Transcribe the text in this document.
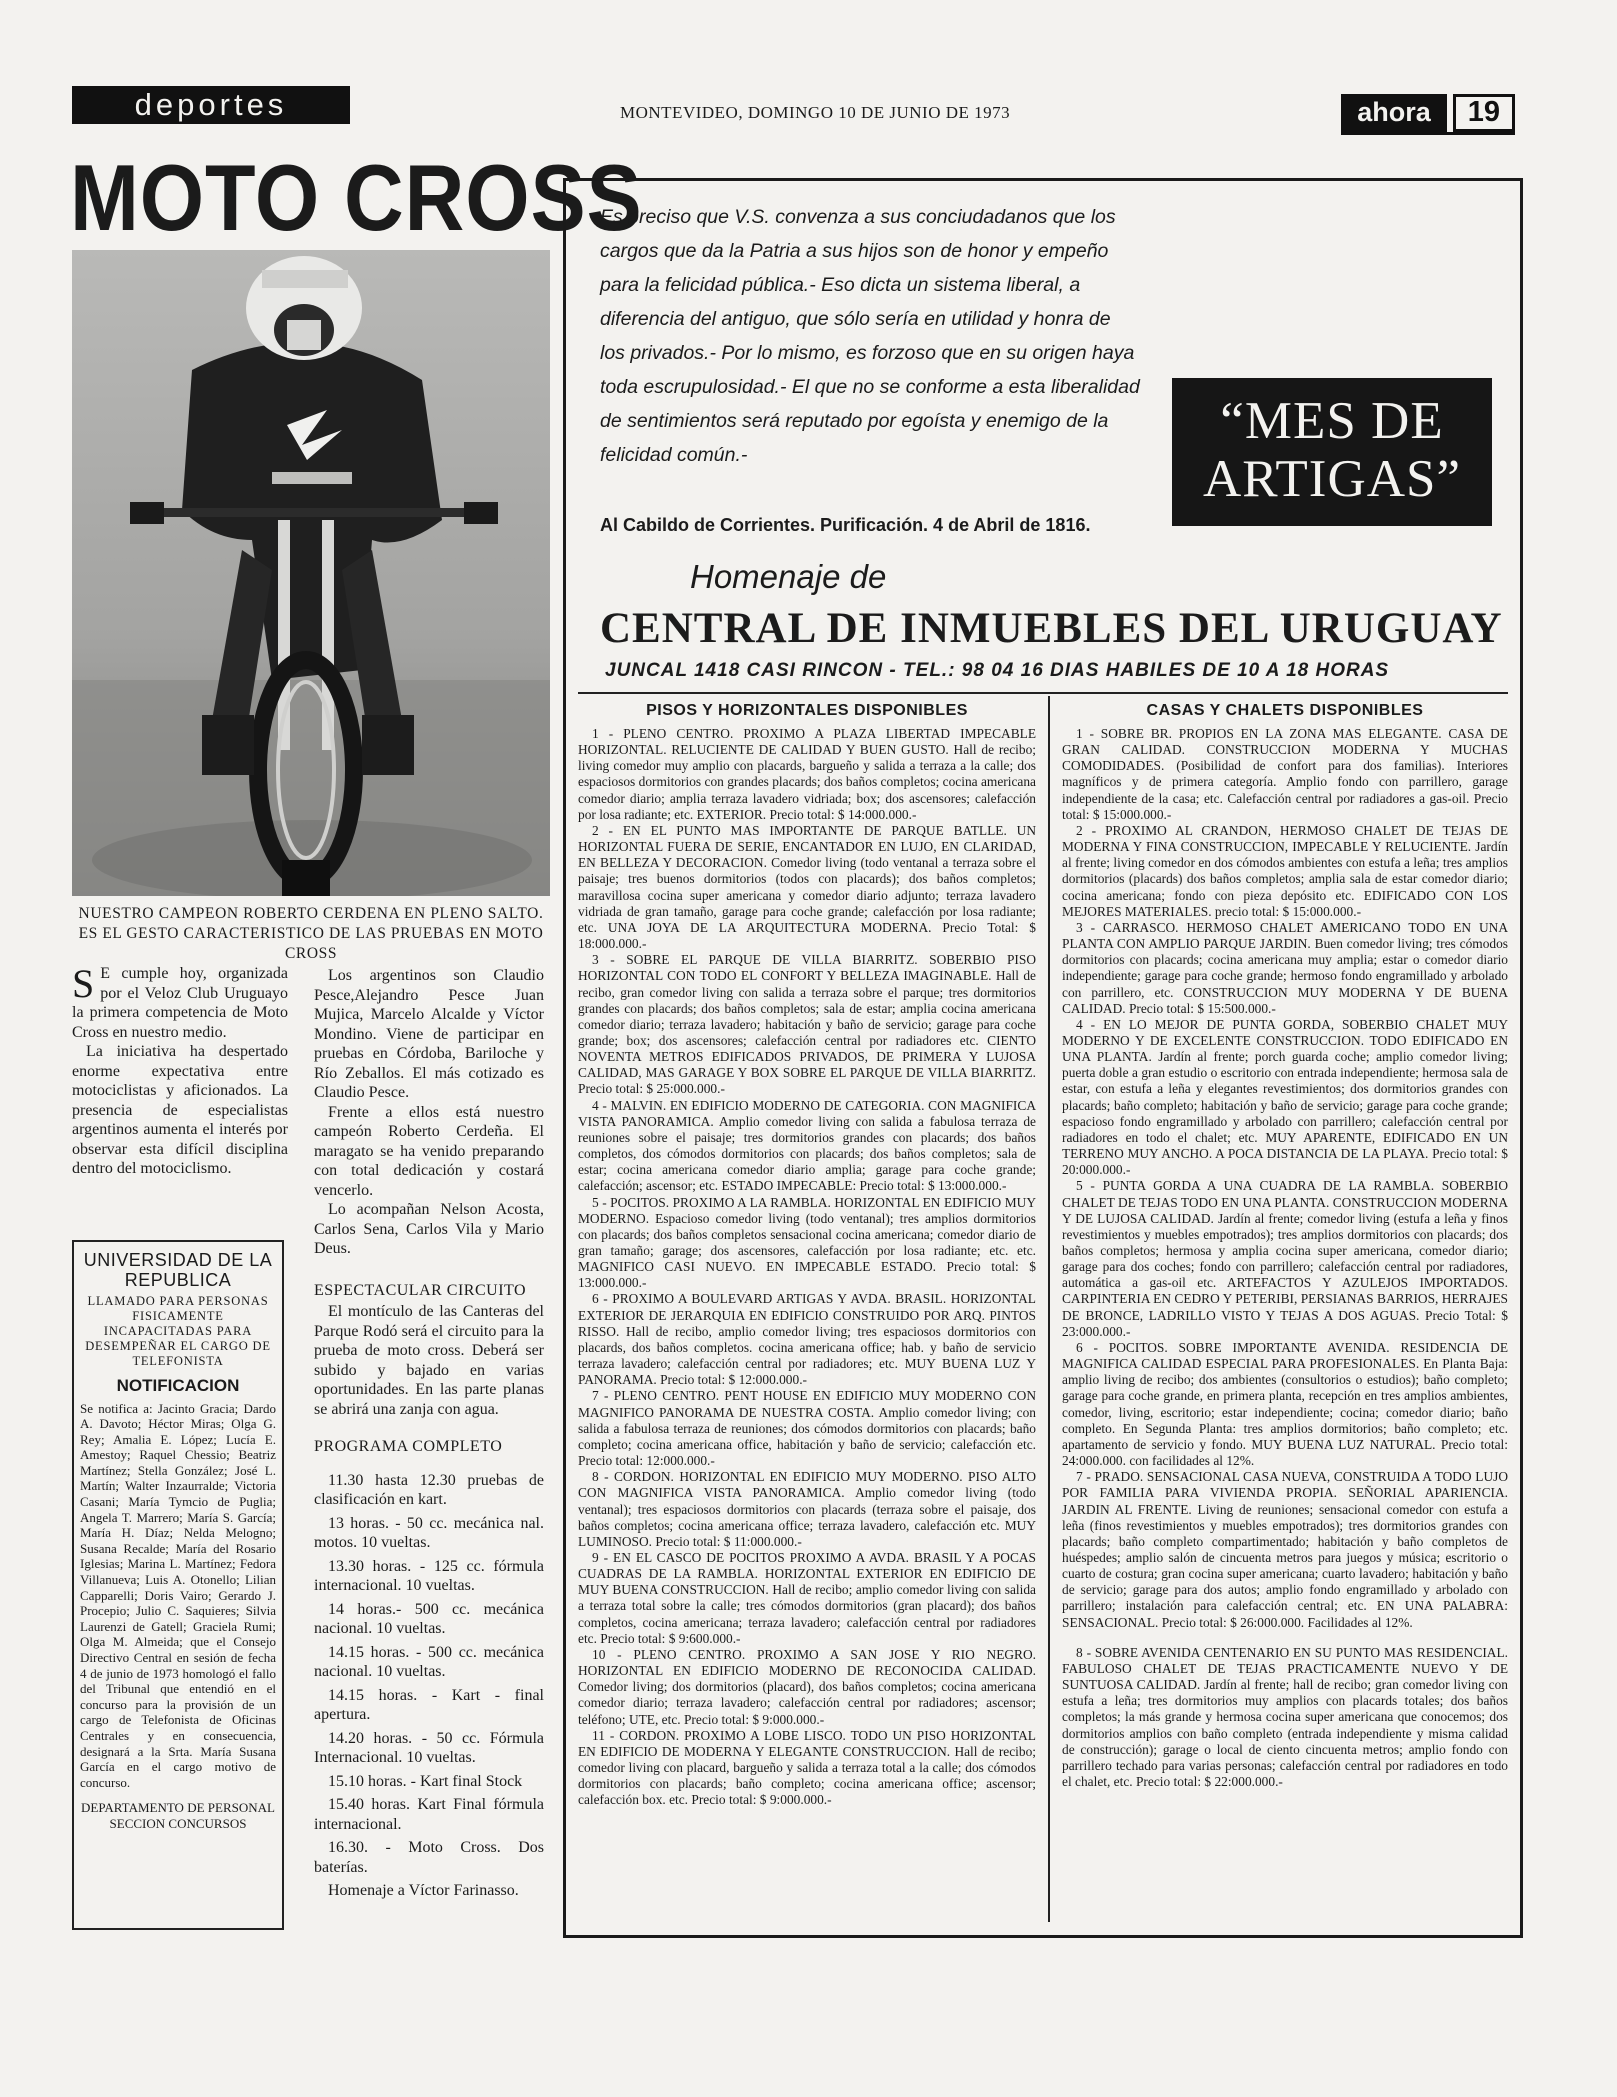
deportes	MONTEVIDEO, DOMINGO 10 DE JUNIO DE 1973	ahora	19
MOTO CROSS
NUESTRO CAMPEON ROBERTO CERDENA EN PLENO SALTO. ES EL GESTO CARACTERISTICO DE LAS PRUEBAS EN MOTO CROSS
S E cumple hoy, organizada por el Veloz Club Uruguayo la primera competencia de Moto Cross en nuestro medio.

La iniciativa ha despertado enorme expectativa entre motociclistas y aficionados. La presencia de especialistas argentinos aumenta el interés por observar esta difícil disciplina dentro del motociclismo.

Los argentinos son Claudio Pesce,Alejandro Pesce Juan Mujica, Marcelo Alcalde y Víctor Mondino. Viene de participar en pruebas en Córdoba, Bariloche y Río Zeballos. El más cotizado es Claudio Pesce.

Frente a ellos está nuestro campeón Roberto Cerdeña. El maragato se ha venido preparando con total dedicación y costará vencerlo.

Lo acompañan Nelson Acosta, Carlos Sena, Carlos Vila y Mario Deus.

ESPECTACULAR CIRCUITO

El montículo de las Canteras del Parque Rodó será el circuito para la prueba de moto cross. Deberá ser subido y bajado en varias oportunidades. En las parte planas se abrirá una zanja con agua.

PROGRAMA COMPLETO

11.30 hasta 12.30 pruebas de clasificación en kart.

13 horas. - 50 cc. mecánica nal. motos. 10 vueltas.

13.30 horas. - 125 cc. fórmula internacional. 10 vueltas.

14 horas.- 500 cc. mecánica nacional. 10 vueltas.

14.15 horas. - 500 cc. mecánica nacional. 10 vueltas.

14.15 horas. - Kart - final apertura.

14.20 horas. - 50 cc. Fórmula Internacional. 10 vueltas.

15.10 horas. - Kart final Stock

15.40 horas. Kart Final fórmula internacional.

16.30. - Moto Cross. Dos baterías.

Homenaje a Víctor Farinasso.

UNIVERSIDAD DE LA REPUBLICA
LLAMADO PARA PERSONAS FISICAMENTE INCAPACITADAS PARA DESEMPEÑAR EL CARGO DE TELEFONISTA
NOTIFICACION
Se notifica a: Jacinto Gracia; Dardo A. Davoto; Héctor Miras; Olga G. Rey; Amalia E. López; Lucía E. Amestoy; Raquel Chessio; Beatriz Martínez; Stella González; José L. Martín; Walter Inzaurralde; Victoria Casani; María Tymcio de Puglia; Angela T. Marrero; María S. García; María H. Díaz; Nelda Melogno; Susana Recalde; María del Rosario Iglesias; Marina L. Martínez; Fedora Villanueva; Luis A. Otonello; Lilian Capparelli; Doris Vairo; Gerardo J. Procepio; Julio C. Saquieres; Silvia Laurenzi de Gatell; Graciela Rumi; Olga M. Almeida; que el Consejo Directivo Central en sesión de fecha 4 de junio de 1973 homologó el fallo del Tribunal que entendió en el concurso para la provisión de un cargo de Telefonista de Oficinas Centrales y en consecuencia, designará a la Srta. María Susana García en el cargo motivo de concurso.
DEPARTAMENTO DE PERSONAL SECCION CONCURSOS
Es preciso que V.S. convenza a sus conciudadanos que los cargos que da la Patria a sus hijos son de honor y empeño para la felicidad pública.- Eso dicta un sistema liberal, a diferencia del antiguo, que sólo sería en utilidad y honra de los privados.- Por lo mismo, es forzoso que en su origen haya toda escrupulosidad.- El que no se conforme a esta liberalidad de sentimientos será reputado por egoísta y enemigo de la felicidad común.-
Al Cabildo de Corrientes. Purificación. 4 de Abril de 1816.
“MES DE ARTIGAS”
Homenaje de
CENTRAL DE INMUEBLES DEL URUGUAY
JUNCAL 1418 CASI RINCON - TEL.: 98 04 16 DIAS HABILES DE 10 A 18 HORAS
PISOS Y HORIZONTALES DISPONIBLES

1 - PLENO CENTRO. PROXIMO A PLAZA LIBERTAD IMPECABLE HORIZONTAL. RELUCIENTE DE CALIDAD Y BUEN GUSTO. Hall de recibo; living comedor muy amplio con placards, bargueño y salida a terraza a la calle; dos espaciosos dormitorios con grandes placards; dos baños completos; cocina americana comedor diario; amplia terraza lavadero vidriada; box; dos ascensores; calefacción por losa radiante; etc. EXTERIOR. Precio total: $ 14:000.000.-

2 - EN EL PUNTO MAS IMPORTANTE DE PARQUE BATLLE. UN HORIZONTAL FUERA DE SERIE, ENCANTADOR EN LUJO, EN CLARIDAD, EN BELLEZA Y DECORACION. Comedor living (todo ventanal a terraza sobre el paisaje; tres buenos dormitorios (todos con placards); dos baños completos; maravillosa cocina super americana y comedor diario adjunto; terraza lavadero vidriada de gran tamaño, garage para coche grande; calefacción por losa radiante; etc. UNA JOYA DE LA ARQUITECTURA MODERNA. Precio Total: $ 18:000.000.-

3 - SOBRE EL PARQUE DE VILLA BIARRITZ. SOBERBIO PISO HORIZONTAL CON TODO EL CONFORT Y BELLEZA IMAGINABLE. Hall de recibo, gran comedor living con salida a terraza sobre el parque; tres dormitorios grandes con placards; dos baños completos; sala de estar; amplia cocina americana comedor diario; terraza lavadero; habitación y baño de servicio; garage para coche grande; box; dos ascensores; calefacción central por radiadores etc. CIENTO NOVENTA METROS EDIFICADOS PRIVADOS, DE PRIMERA Y LUJOSA CALIDAD, MAS GARAGE Y BOX SOBRE EL PARQUE DE VILLA BIARRITZ. Precio total: $ 25:000.000.-

4 - MALVIN. EN EDIFICIO MODERNO DE CATEGORIA. CON MAGNIFICA VISTA PANORAMICA. Amplio comedor living con salida a fabulosa terraza de reuniones sobre el paisaje; tres dormitorios grandes con placards; dos baños completos, dos cómodos dormitorios con placards; dos baños completos; sala de estar; cocina americana comedor diario amplia; garage para coche grande; calefacción; ascensor; etc. ESTADO IMPECABLE: Precio total: $ 13:000.000.-

5 - POCITOS. PROXIMO A LA RAMBLA. HORIZONTAL EN EDIFICIO MUY MODERNO. Espacioso comedor living (todo ventanal); tres amplios dormitorios con placards; dos baños completos sensacional cocina americana; comedor diario de gran tamaño; garage; dos ascensores, calefacción por losa radiante; etc. etc. MAGNIFICO CASI NUEVO. EN IMPECABLE ESTADO. Precio total: $ 13:000.000.-

6 - PROXIMO A BOULEVARD ARTIGAS Y AVDA. BRASIL. HORIZONTAL EXTERIOR DE JERARQUIA EN EDIFICIO CONSTRUIDO POR ARQ. PINTOS RISSO. Hall de recibo, amplio comedor living; tres espaciosos dormitorios con placards, dos baños completos. cocina americana office; hab. y baño de servicio terraza lavadero; calefacción central por radiadores; etc. MUY BUENA LUZ Y PANORAMA. Precio total: $ 12:000.000.-

7 - PLENO CENTRO. PENT HOUSE EN EDIFICIO MUY MODERNO CON MAGNIFICO PANORAMA DE NUESTRA COSTA. Amplio comedor living; con salida a fabulosa terraza de reuniones; dos cómodos dormitorios con placards; baño completo; cocina americana office, habitación y baño de servicio; calefacción etc. Precio total: 12:000.000.-

8 - CORDON. HORIZONTAL EN EDIFICIO MUY MODERNO. PISO ALTO CON MAGNIFICA VISTA PANORAMICA. Amplio comedor living (todo ventanal); tres espaciosos dormitorios con placards (terraza sobre el paisaje, dos baños completos; cocina americana office; terraza lavadero, calefacción etc. MUY LUMINOSO. Precio total: $ 11:000.000.-

9 - EN EL CASCO DE POCITOS PROXIMO A AVDA. BRASIL Y A POCAS CUADRAS DE LA RAMBLA. HORIZONTAL EXTERIOR EN EDIFICIO DE MUY BUENA CONSTRUCCION. Hall de recibo; amplio comedor living con salida a terraza total sobre la calle; tres cómodos dormitorios (gran placard); dos baños completos, cocina americana; terraza lavadero; calefacción central por radiadores etc. Precio total: $ 9:600.000.-

10 - PLENO CENTRO. PROXIMO A SAN JOSE Y RIO NEGRO. HORIZONTAL EN EDIFICIO MODERNO DE RECONOCIDA CALIDAD. Comedor living; dos dormitorios (placard), dos baños completos; cocina americana comedor diario; terraza lavadero; calefacción central por radiadores; ascensor; teléfono; UTE, etc. Precio total: $ 9:000.000.-

11 - CORDON. PROXIMO A LOBE LISCO. TODO UN PISO HORIZONTAL EN EDIFICIO DE MODERNA Y ELEGANTE CONSTRUCCION. Hall de recibo; comedor living con placard, bargueño y salida a terraza total a la calle; dos cómodos dormitorios con placards; baño completo; cocina americana office; ascensor; calefacción box. etc. Precio total: $ 9:000.000.-

CASAS Y CHALETS DISPONIBLES

1 - SOBRE BR. PROPIOS EN LA ZONA MAS ELEGANTE. CASA DE GRAN CALIDAD. CONSTRUCCION MODERNA Y MUCHAS COMODIDADES. (Posibilidad de confort para dos familias). Interiores magníficos y de primera categoría. Amplio fondo con parrillero, garage independiente de la casa; etc. Calefacción central por radiadores a gas-oil. Precio total: $ 15:000.000.-

2 - PROXIMO AL CRANDON, HERMOSO CHALET DE TEJAS DE MODERNA Y FINA CONSTRUCCION, IMPECABLE Y RELUCIENTE. Jardín al frente; living comedor en dos cómodos ambientes con estufa a leña; tres amplios dormitorios (placards) dos baños completos; amplia sala de estar comedor diario; cocina americana; fondo con pieza depósito etc. EDIFICADO CON LOS MEJORES MATERIALES. precio total: $ 15:000.000.-

3 - CARRASCO. HERMOSO CHALET AMERICANO TODO EN UNA PLANTA CON AMPLIO PARQUE JARDIN. Buen comedor living; tres cómodos dormitorios con placards; cocina americana muy amplia; estar o comedor diario independiente; garage para coche grande; hermoso fondo engramillado y arbolado con parrillero, etc. CONSTRUCCION MUY MODERNA Y DE BUENA CALIDAD. Precio total: $ 15:500.000.-

4 - EN LO MEJOR DE PUNTA GORDA, SOBERBIO CHALET MUY MODERNO Y DE EXCELENTE CONSTRUCCION. TODO EDIFICADO EN UNA PLANTA. Jardín al frente; porch guarda coche; amplio comedor living; puerta doble a gran estudio o escritorio con entrada independiente; hermosa sala de estar, con estufa a leña y elegantes revestimientos; dos dormitorios grandes con placards; baño completo; habitación y baño de servicio; garage para coche grande; espacioso fondo engramillado y arbolado con parrillero; calefacción central por radiadores en todo el chalet; etc. MUY APARENTE, EDIFICADO EN UN TERRENO MUY ANCHO. A POCA DISTANCIA DE LA PLAYA. Precio total: $ 20:000.000.-

5 - PUNTA GORDA A UNA CUADRA DE LA RAMBLA. SOBERBIO CHALET DE TEJAS TODO EN UNA PLANTA. CONSTRUCCION MODERNA Y DE LUJOSA CALIDAD. Jardín al frente; comedor living (estufa a leña y finos revestimientos y muebles empotrados); tres amplios dormitorios con placards; dos baños completos; hermosa y amplia cocina super americana, comedor diario; garage para dos coches; fondo con parrillero; calefacción central por radiadores, automática a gas-oil etc. ARTEFACTOS Y AZULEJOS IMPORTADOS. CARPINTERIA EN CEDRO Y PETERIBI, PERSIANAS BARRIOS, HERRAJES DE BRONCE, LADRILLO VISTO Y TEJAS A DOS AGUAS. Precio Total: $ 23:000.000.-

6 - POCITOS. SOBRE IMPORTANTE AVENIDA. RESIDENCIA DE MAGNIFICA CALIDAD ESPECIAL PARA PROFESIONALES. En Planta Baja: amplio living de recibo; dos ambientes (consultorios o estudios); baño completo; garage para coche grande, en primera planta, recepción en tres amplios ambientes, comedor, living, escritorio; estar independiente; cocina; comedor diario; baño completo. En Segunda Planta: tres amplios dormitorios; baño completo; etc. apartamento de servicio y fondo. MUY BUENA LUZ NATURAL. Precio total: 24:000.000. con facilidades al 12%.

7 - PRADO. SENSACIONAL CASA NUEVA, CONSTRUIDA A TODO LUJO POR FAMILIA PARA VIVIENDA PROPIA. SEÑORIAL APARIENCIA. JARDIN AL FRENTE. Living de reuniones; sensacional comedor con estufa a leña (finos revestimientos y muebles empotrados); tres dormitorios grandes con placards; baño completo compartimentado; habitación y baño completos de huéspedes; amplio salón de cincuenta metros para juegos y música; escritorio o cuarto de costura; gran cocina super americana; cuarto lavadero; habitación y baño de servicio; garage para dos autos; amplio fondo engramillado y arbolado con parrillero; instalación para calefacción central; etc. EN UNA PALABRA: SENSACIONAL. Precio total: $ 26:000.000. Facilidades al 12%.

8 - SOBRE AVENIDA CENTENARIO EN SU PUNTO MAS RESIDENCIAL. FABULOSO CHALET DE TEJAS PRACTICAMENTE NUEVO Y DE SUNTUOSA CALIDAD. Jardín al frente; hall de recibo; gran comedor living con estufa a leña; tres dormitorios muy amplios con placards totales; dos baños completos; la más grande y hermosa cocina super americana que conocemos; dos dormitorios amplios con baño completo (entrada independiente y misma calidad de construcción); garage o local de ciento cincuenta metros; amplio fondo con parrillero techado para varias personas; calefacción central por radiadores en todo el chalet, etc. Precio total: $ 22:000.000.-
